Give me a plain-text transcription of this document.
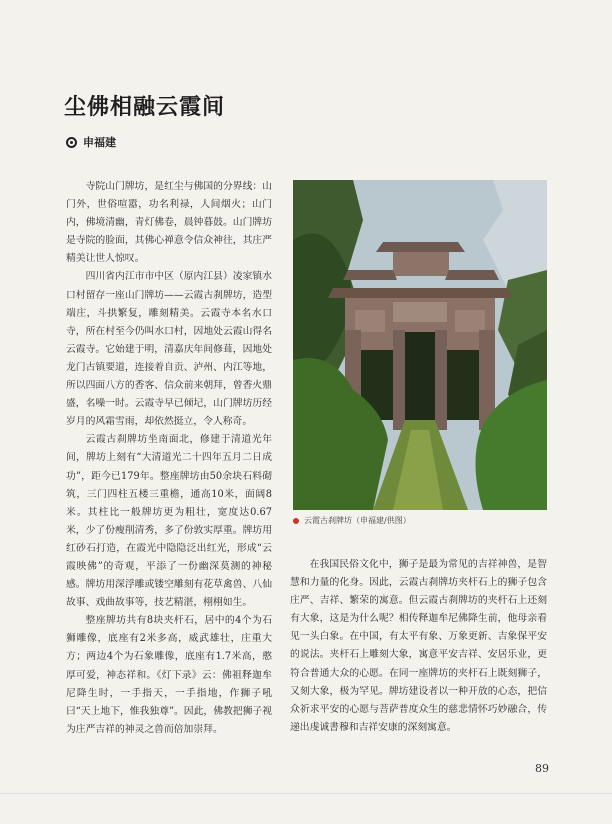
尘佛相融云霞间
申福建

寺院山门牌坊，是红尘与佛国的分界线：山门外，世俗喧嚣，功名利禄，人间烟火；山门内，佛境清幽，青灯佛卷，晨钟暮鼓。山门牌坊是寺院的脸面，其佛心禅意令信众神往，其庄严精美让世人惊叹。

四川省内江市市中区（原内江县）凌家镇水口村留存一座山门牌坊——云霞古刹牌坊，造型端庄，斗拱繁复，雕刻精美。云霞寺本名水口寺，所在村至今仍叫水口村，因地处云霞山得名云霞寺。它始建于明，清嘉庆年间修葺，因地处龙门古镇要道，连接着自贡、泸州、内江等地，所以四面八方的香客、信众前来朝拜，曾香火鼎盛，名噪一时。云霞寺早已倾圮，山门牌坊历经岁月的风霜雪雨，却依然挺立，令人称奇。

云霞古刹牌坊坐南面北，修建于清道光年间，牌坊上刻有“大清道光二十四年五月二日成功”，距今已179年。整座牌坊由50余块石料砌筑，三门四柱五楼三重檐，通高10米，面阔8米。其柱比一般牌坊更为粗壮，宽度达0.67米，少了份瘦削清秀，多了份敦实厚重。牌坊用红砂石打造，在霞光中隐隐泛出红光，形成“云霞映佛”的奇观，平添了一份幽深莫测的神秘感。牌坊用深浮雕或镂空雕刻有花草禽兽、八仙故事、戏曲故事等，技艺精湛，栩栩如生。

整座牌坊共有8块夹杆石，居中的4个为石狮雕像，底座有2米多高，威武雄壮，庄重大方；两边4个为石象雕像，底座有1.7米高，憨厚可爱，神态祥和。《灯下录》云：佛祖释迦牟尼降生时，一手指天，一手指地，作狮子吼曰“天上地下，惟我独尊”。因此，佛教把狮子视为庄严吉祥的神灵之兽而倍加崇拜。

云霞古刹牌坊（申福建/供图）

在我国民俗文化中，狮子是最为常见的吉祥神兽，是智慧和力量的化身。因此，云霞古刹牌坊夹杆石上的狮子包含庄严、吉祥、繁荣的寓意。但云霞古刹牌坊的夹杆石上还刻有大象，这是为什么呢？相传释迦牟尼佛降生前，他母亲看见一头白象。在中国，有太平有象、万象更新、吉象保平安的说法。夹杆石上雕刻大象，寓意平安吉祥、安居乐业，更符合普通大众的心愿。在同一座牌坊的夹杆石上既刻狮子，又刻大象，极为罕见。牌坊建设者以一种开放的心态，把信众祈求平安的心愿与菩萨普度众生的慈悲情怀巧妙融合，传递出虔诚書穆和吉祥安康的深刻寓意。

89
